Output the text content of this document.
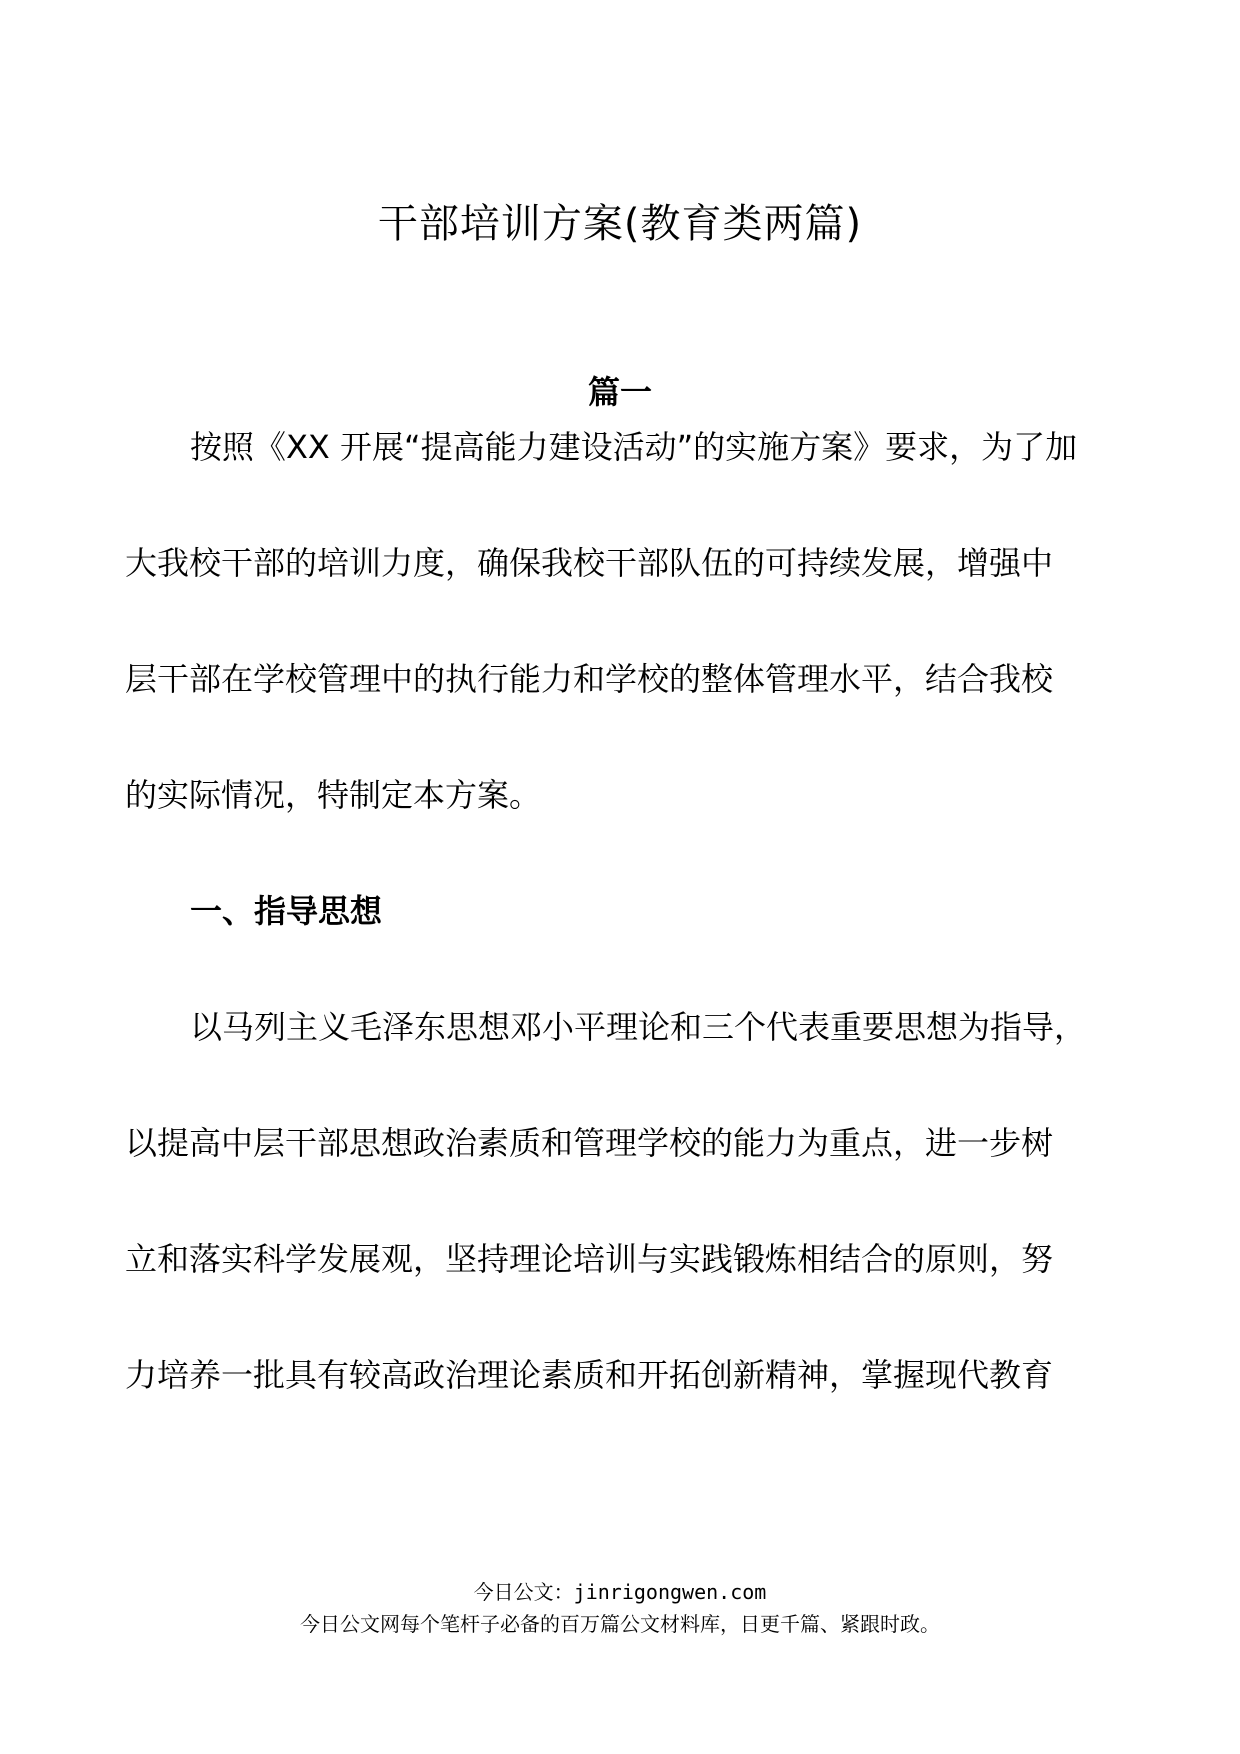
干部培训方案(教育类两篇)
篇一

按照《XX 开展“提高能力建设活动”的实施方案》要求，为了加

大我校干部的培训力度，确保我校干部队伍的可持续发展，增强中

层干部在学校管理中的执行能力和学校的整体管理水平，结合我校

的实际情况，特制定本方案。

一、指导思想

以马列主义毛泽东思想邓小平理论和三个代表重要思想为指导，

以提高中层干部思想政治素质和管理学校的能力为重点，进一步树

立和落实科学发展观，坚持理论培训与实践锻炼相结合的原则，努

力培养一批具有较高政治理论素质和开拓创新精神，掌握现代教育

今日公文：jinrigongwen.com
今日公文网每个笔杆子必备的百万篇公文材料库，日更千篇、紧跟时政。
